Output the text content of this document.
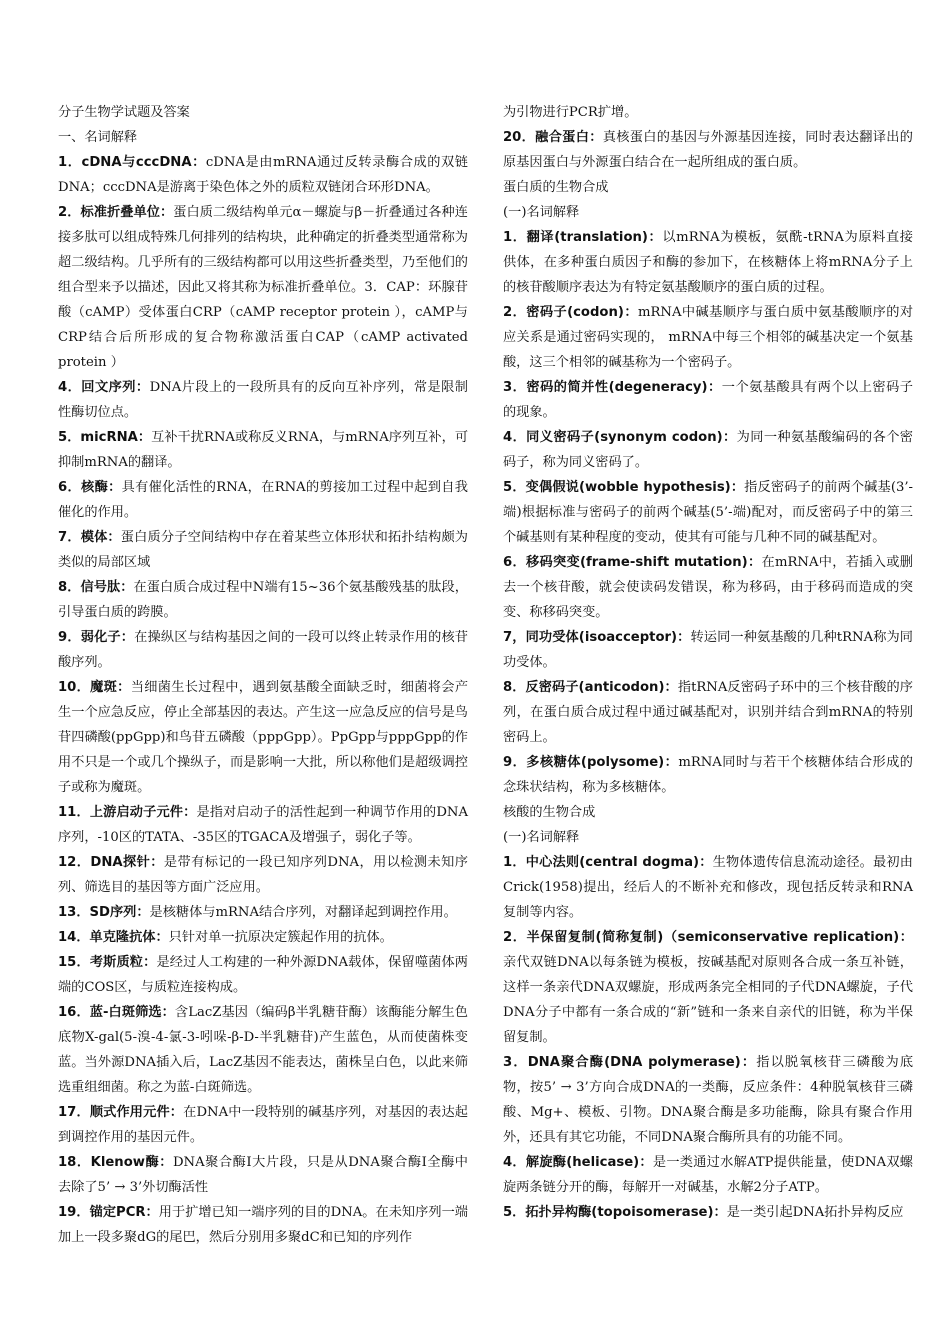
分子生物学试题及答案

一、名词解释

1．cDNA与cccDNA：cDNA是由mRNA通过反转录酶合成的双链DNA；cccDNA是游离于染色体之外的质粒双链闭合环形DNA。

2．标准折叠单位：蛋白质二级结构单元α－螺旋与β－折叠通过各种连接多肽可以组成特殊几何排列的结构块，此种确定的折叠类型通常称为超二级结构。几乎所有的三级结构都可以用这些折叠类型，乃至他们的组合型来予以描述，因此又将其称为标准折叠单位。3．CAP：环腺苷酸（cAMP）受体蛋白CRP（cAMP receptor protein ），cAMP与CRP结合后所形成的复合物称激活蛋白CAP（cAMP activated protein ）

4．回文序列：DNA片段上的一段所具有的反向互补序列，常是限制性酶切位点。

5．micRNA：互补干扰RNA或称反义RNA，与mRNA序列互补，可抑制mRNA的翻译。

6．核酶：具有催化活性的RNA，在RNA的剪接加工过程中起到自我催化的作用。

7．模体：蛋白质分子空间结构中存在着某些立体形状和拓扑结构颇为类似的局部区域

8．信号肽：在蛋白质合成过程中N端有15~36个氨基酸残基的肽段，引导蛋白质的跨膜。

9．弱化子：在操纵区与结构基因之间的一段可以终止转录作用的核苷酸序列。

10．魔斑：当细菌生长过程中，遇到氨基酸全面缺乏时，细菌将会产生一个应急反应，停止全部基因的表达。产生这一应急反应的信号是鸟苷四磷酸(ppGpp)和鸟苷五磷酸（pppGpp）。PpGpp与pppGpp的作用不只是一个或几个操纵子，而是影响一大批，所以称他们是超级调控子或称为魔斑。

11．上游启动子元件：是指对启动子的活性起到一种调节作用的DNA序列，-10区的TATA、-35区的TGACA及增强子，弱化子等。

12．DNA探针：是带有标记的一段已知序列DNA，用以检测未知序列、筛选目的基因等方面广泛应用。

13．SD序列：是核糖体与mRNA结合序列，对翻译起到调控作用。

14．单克隆抗体：只针对单一抗原决定簇起作用的抗体。

15．考斯质粒：是经过人工构建的一种外源DNA载体，保留噬菌体两端的COS区，与质粒连接构成。

16．蓝-白斑筛选：含LacZ基因（编码β半乳糖苷酶）该酶能分解生色底物X-gal(5-溴-4-氯-3-吲哚-β-D-半乳糖苷)产生蓝色，从而使菌株变蓝。当外源DNA插入后，LacZ基因不能表达，菌株呈白色，以此来筛选重组细菌。称之为蓝-白斑筛选。

17．顺式作用元件：在DNA中一段特别的碱基序列，对基因的表达起到调控作用的基因元件。

18．Klenow酶：DNA聚合酶I大片段，只是从DNA聚合酶I全酶中去除了5’ → 3’外切酶活性

19．锚定PCR：用于扩增已知一端序列的目的DNA。在未知序列一端加上一段多聚dG的尾巴，然后分别用多聚dC和已知的序列作

为引物进行PCR扩增。

20．融合蛋白：真核蛋白的基因与外源基因连接，同时表达翻译出的原基因蛋白与外源蛋白结合在一起所组成的蛋白质。

蛋白质的生物合成

(一)名词解释

1．翻译(translation)：以mRNA为模板，氨酰-tRNA为原料直接供体，在多种蛋白质因子和酶的参加下，在核糖体上将mRNA分子上的核苷酸顺序表达为有特定氨基酸顺序的蛋白质的过程。

2．密码子(codon)：mRNA中碱基顺序与蛋白质中氨基酸顺序的对应关系是通过密码实现的， mRNA中每三个相邻的碱基决定一个氨基酸，这三个相邻的碱基称为一个密码子。

3．密码的简并性(degeneracy)：一个氨基酸具有两个以上密码子的现象。

4．同义密码子(synonym codon)：为同一种氨基酸编码的各个密码子，称为同义密码了。

5．变偶假说(wobble hypothesis)：指反密码子的前两个碱基(3’-端)根据标准与密码子的前两个碱基(5’-端)配对，而反密码子中的第三个碱基则有某种程度的变动，使其有可能与几种不同的碱基配对。

6．移码突变(frame-shift mutation)：在mRNA中，若插入或删去一个核苷酸，就会使读码发错误，称为移码，由于移码而造成的突变、称移码突变。

7，同功受体(isoacceptor)：转运同一种氨基酸的几种tRNA称为同功受体。

8．反密码子(anticodon)：指tRNA反密码子环中的三个核苷酸的序列，在蛋白质合成过程中通过碱基配对，识别并结合到mRNA的特别密码上。

9．多核糖体(polysome)：mRNA同时与若干个核糖体结合形成的念珠状结构，称为多核糖体。

核酸的生物合成

(一)名词解释

1．中心法则(central dogma)：生物体遗传信息流动途径。最初由Crick(1958)提出，经后人的不断补充和修改，现包括反转录和RNA复制等内容。

2．半保留复制(简称复制)（semiconservative replication)：亲代双链DNA以每条链为模板，按碱基配对原则各合成一条互补链，这样一条亲代DNA双螺旋，形成两条完全相同的子代DNA螺旋，子代DNA分子中都有一条合成的“新”链和一条来自亲代的旧链，称为半保留复制。

3．DNA聚合酶(DNA polymerase)：指以脱氧核苷三磷酸为底物，按5’ → 3’方向合成DNA的一类酶，反应条件：4种脱氧核苷三磷酸、Mg+、模板、引物。DNA聚合酶是多功能酶，除具有聚合作用外，还具有其它功能，不同DNA聚合酶所具有的功能不同。

4．解旋酶(helicase)：是一类通过水解ATP提供能量，使DNA双螺旋两条链分开的酶，每解开一对碱基，水解2分子ATP。

5．拓扑异构酶(topoisomerase)：是一类引起DNA拓扑异构反应
